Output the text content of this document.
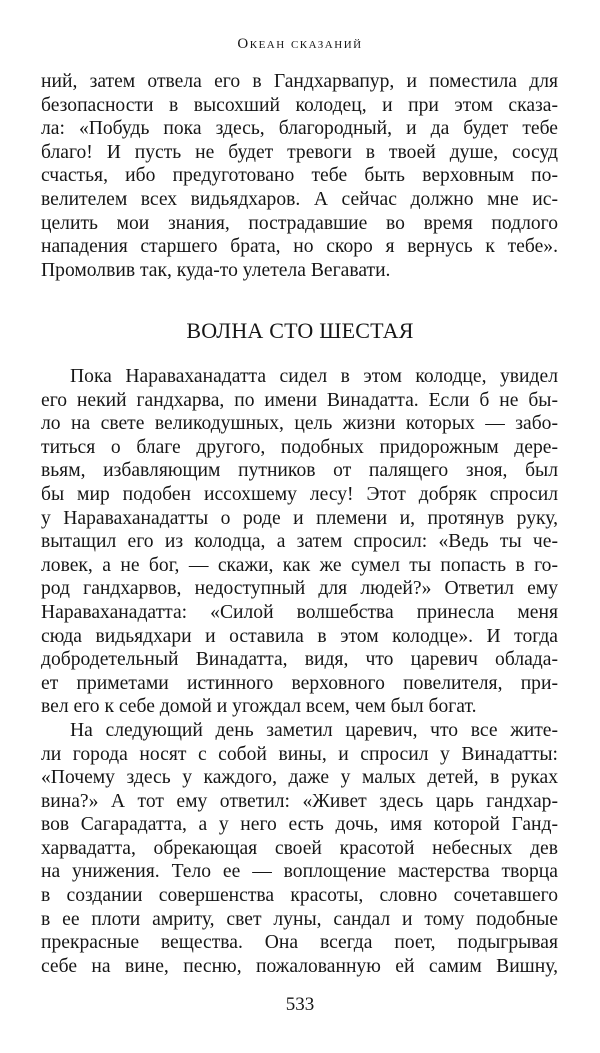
Океан сказаний
ний, затем отвела его в Гандхарвапур, и поместила для
безопасности в высохший колодец, и при этом сказа-
ла: «Побудь пока здесь, благородный, и да будет тебе
благо! И пусть не будет тревоги в твоей душе, сосуд
счастья, ибо предуготовано тебе быть верховным по-
велителем всех видьядхаров. А сейчас должно мне ис-
целить мои знания, пострадавшие во время подлого
нападения старшего брата, но скоро я вернусь к тебе».
Промолвив так, куда-то улетела Вегавати.
ВОЛНА СТО ШЕСТАЯ
Пока Нараваханадатта сидел в этом колодце, увидел
его некий гандхарва, по имени Винадатта. Если б не бы-
ло на свете великодушных, цель жизни которых — забо-
титься о благе другого, подобных придорожным дере-
вьям, избавляющим путников от палящего зноя, был
бы мир подобен иссохшему лесу! Этот добряк спросил
у Нараваханадатты о роде и племени и, протянув руку,
вытащил его из колодца, а затем спросил: «Ведь ты че-
ловек, а не бог, — скажи, как же сумел ты попасть в го-
род гандхарвов, недоступный для людей?» Ответил ему
Нараваханадатта: «Силой волшебства принесла меня
сюда видьядхари и оставила в этом колодце». И тогда
добродетельный Винадатта, видя, что царевич облада-
ет приметами истинного верховного повелителя, при-
вел его к себе домой и угождал всем, чем был богат.
На следующий день заметил царевич, что все жите-
ли города носят с собой вины, и спросил у Винадатты:
«Почему здесь у каждого, даже у малых детей, в руках
вина?» А тот ему ответил: «Живет здесь царь гандхар-
вов Сагарадатта, а у него есть дочь, имя которой Ганд-
харвадатта, обрекающая своей красотой небесных дев
на унижения. Тело ее — воплощение мастерства творца
в создании совершенства красоты, словно сочетавшего
в ее плоти амриту, свет луны, сандал и тому подобные
прекрасные вещества. Она всегда поет, подыгрывая
себе на вине, песню, пожалованную ей самим Вишну,
533
